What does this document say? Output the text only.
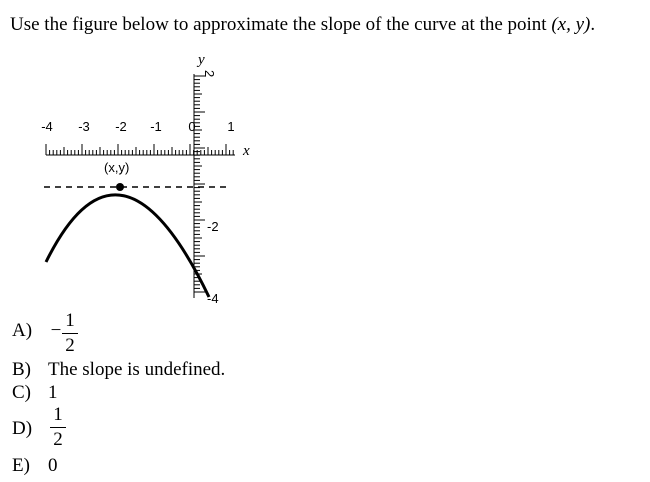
Use the figure below to approximate the slope of the curve at the point (x, y).
y
x
-4 -3 -2 -1 0 1
2
-2
-4
(x,y)
A) − 1
2
B) The slope is undefined.
C) 1
D)
1
2
E) 0
